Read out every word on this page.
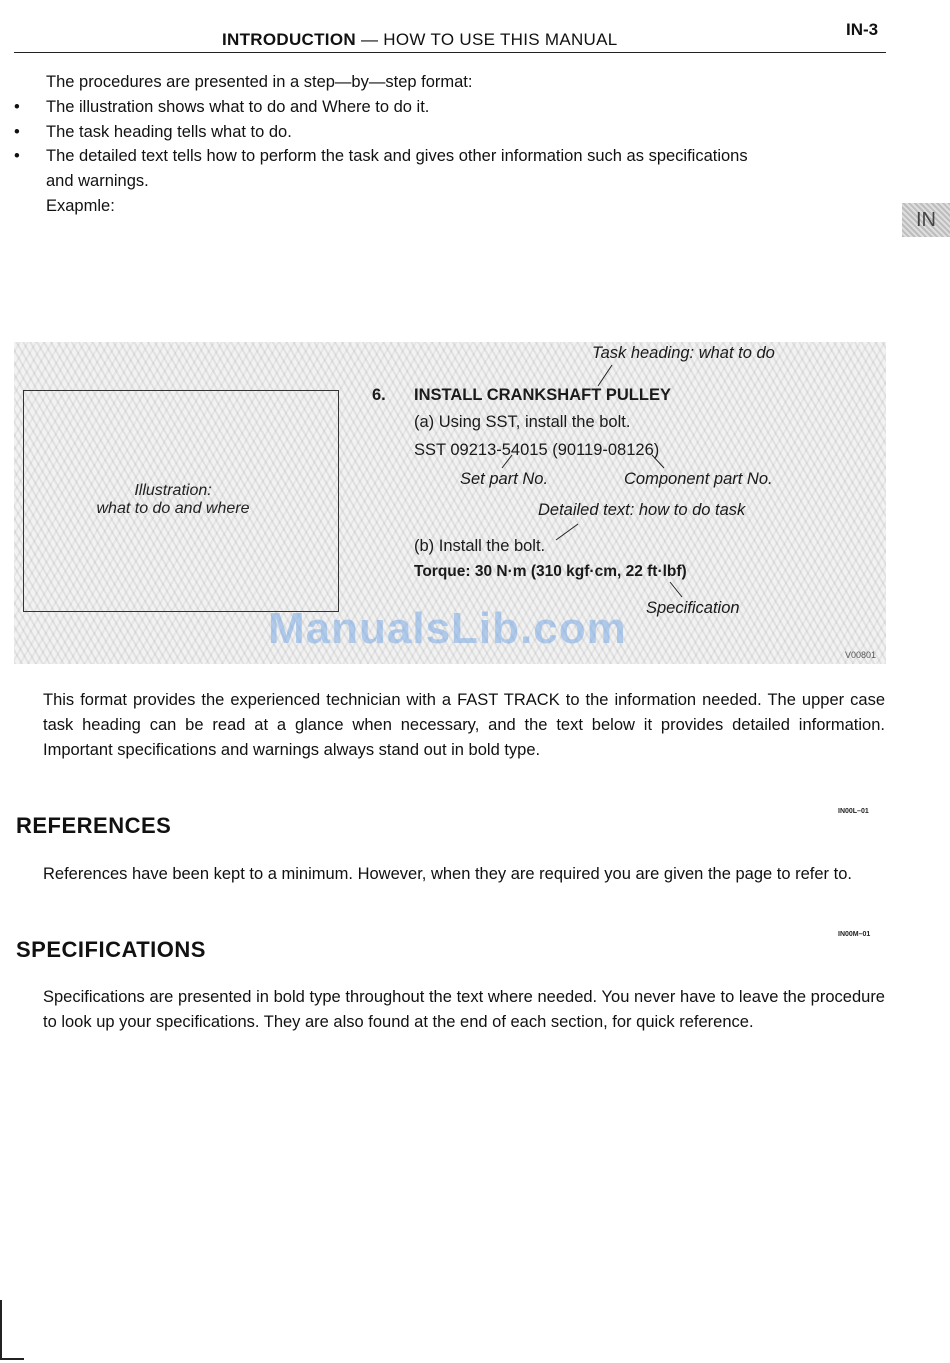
INTRODUCTION — HOW TO USE THIS MANUAL
IN-3
IN
The procedures are presented in a step—by—step format:
• The illustration shows what to do and Where to do it.
• The task heading tells what to do.
• The detailed text tells how to perform the task and gives other information such as specifications
and warnings.
Exapmle:
Illustration:
what to do and where
Task heading: what to do
6. INSTALL CRANKSHAFT PULLEY
(a) Using SST, install the bolt.
SST 09213-54015 (90119-08126)
Set part No.	Component part No.
Detailed text: how to do task
(b) Install the bolt.
Torque: 30 N·m (310 kgf·cm, 22 ft·lbf)
Specification
ManualsLib.com
V00801
This format provides the experienced technician with a FAST TRACK to the information needed. The upper case task heading can be read at a glance when necessary, and the text below it provides detailed information. Important specifications and warnings always stand out in bold type.
IN00L–01
REFERENCES
References have been kept to a minimum. However, when they are required you are given the page to refer to.
IN00M–01
SPECIFICATIONS
Specifications are presented in bold type throughout the text where needed. You never have to leave the procedure to look up your specifications. They are also found at the end of each section, for quick reference.
